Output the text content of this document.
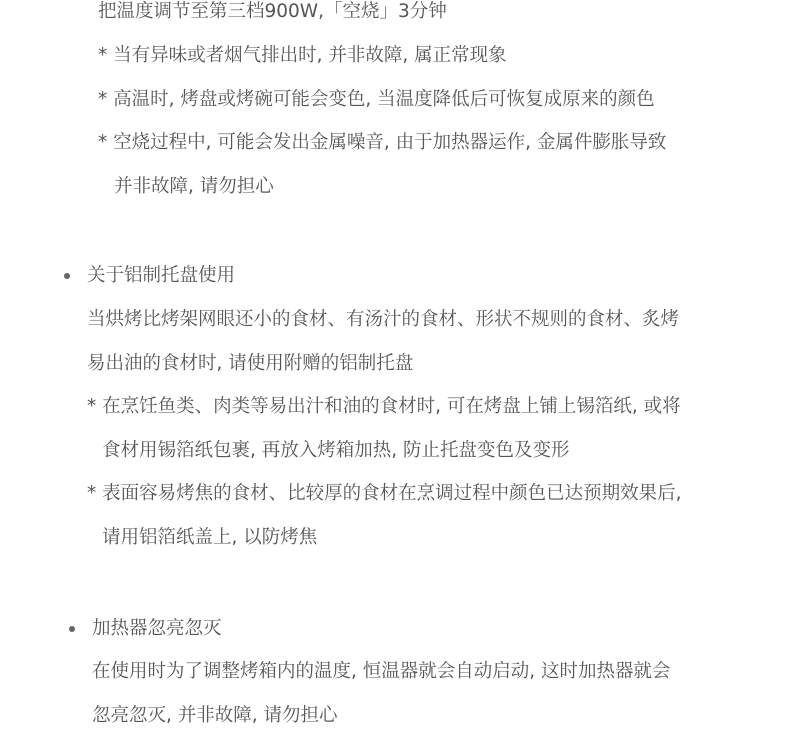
把温度调节至第三档900W,「空烧」3分钟
* 当有异味或者烟气排出时, 并非故障, 属正常现象
* 高温时, 烤盘或烤碗可能会变色, 当温度降低后可恢复成原来的颜色
* 空烧过程中, 可能会发出金属噪音, 由于加热器运作, 金属件膨胀导致
并非故障, 请勿担心
关于铝制托盘使用
当烘烤比烤架网眼还小的食材、有汤汁的食材、形状不规则的食材、炙烤
易出油的食材时, 请使用附赠的铝制托盘
* 在烹饪鱼类、肉类等易出汁和油的食材时, 可在烤盘上铺上锡箔纸, 或将
食材用锡箔纸包裹, 再放入烤箱加热, 防止托盘变色及变形
* 表面容易烤焦的食材、比较厚的食材在烹调过程中颜色已达预期效果后,
请用铝箔纸盖上, 以防烤焦
加热器忽亮忽灭
在使用时为了调整烤箱内的温度, 恒温器就会自动启动, 这时加热器就会
忽亮忽灭, 并非故障, 请勿担心
